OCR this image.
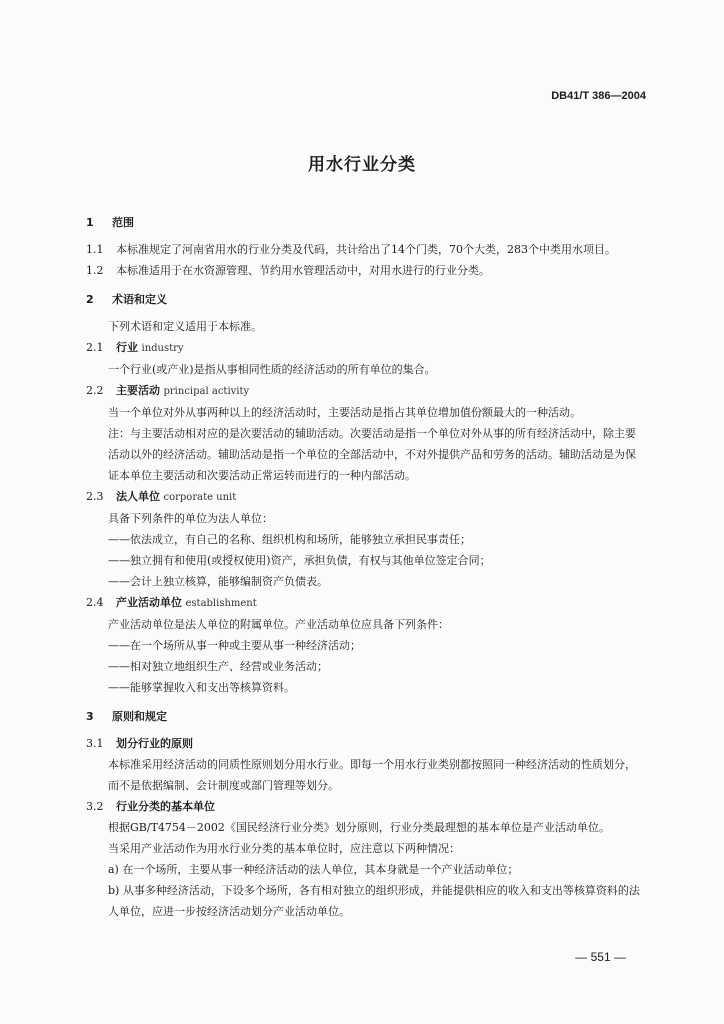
DB41/T 386—2004
用水行业分类
1 范围
1.1 本标准规定了河南省用水的行业分类及代码，共计给出了14个门类，70个大类，283个中类用水项目。
1.2 本标准适用于在水资源管理、节约用水管理活动中，对用水进行的行业分类。
2 术语和定义
下列术语和定义适用于本标准。
2.1 行业 industry
一个行业(或产业)是指从事相同性质的经济活动的所有单位的集合。
2.2 主要活动 principal activity
当一个单位对外从事两种以上的经济活动时，主要活动是指占其单位增加值份额最大的一种活动。
注：与主要活动相对应的是次要活动的辅助活动。次要活动是指一个单位对外从事的所有经济活动中，除主要活动以外的经济活动。辅助活动是指一个单位的全部活动中，不对外提供产品和劳务的活动。辅助活动是为保证本单位主要活动和次要活动正常运转而进行的一种内部活动。
2.3 法人单位 corporate unit
具备下列条件的单位为法人单位：
——依法成立，有自己的名称、组织机构和场所，能够独立承担民事责任；
——独立拥有和使用(或授权使用)资产，承担负债，有权与其他单位签定合同；
——会计上独立核算，能够编制资产负债表。
2.4 产业活动单位 establishment
产业活动单位是法人单位的附属单位。产业活动单位应具备下列条件：
——在一个场所从事一种或主要从事一种经济活动；
——相对独立地组织生产、经营或业务活动；
——能够掌握收入和支出等核算资料。
3 原则和规定
3.1 划分行业的原则
本标准采用经济活动的同质性原则划分用水行业。即每一个用水行业类别都按照同一种经济活动的性质划分，而不是依据编制、会计制度或部门管理等划分。
3.2 行业分类的基本单位
根据GB/T4754－2002《国民经济行业分类》划分原则，行业分类最理想的基本单位是产业活动单位。
当采用产业活动作为用水行业分类的基本单位时，应注意以下两种情况：
a) 在一个场所，主要从事一种经济活动的法人单位，其本身就是一个产业活动单位；
b) 从事多种经济活动，下设多个场所，各有相对独立的组织形成，并能提供相应的收入和支出等核算资料的法人单位，应进一步按经济活动划分产业活动单位。
— 551 —
